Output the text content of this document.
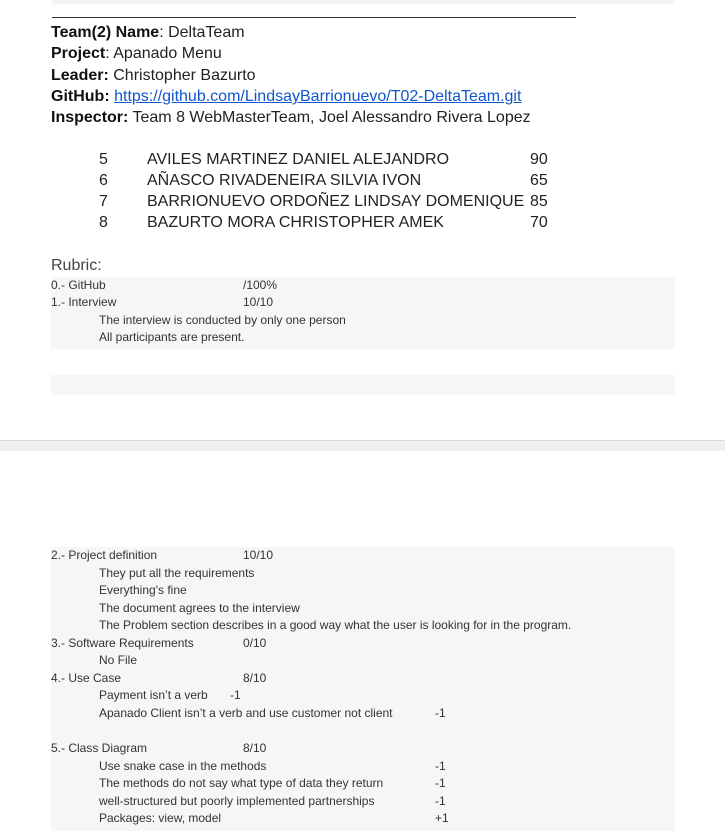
Team(2) Name: DeltaTeam
Project: Apanado Menu
Leader: Christopher Bazurto
GitHub: https://github.com/LindsayBarrionuevo/T02-DeltaTeam.git
Inspector: Team 8 WebMasterTeam, Joel Alessandro Rivera Lopez
5 AVILES MARTINEZ DANIEL ALEJANDRO	90
6 AÑASCO RIVADENEIRA SILVIA IVON	65
7 BARRIONUEVO ORDOÑEZ LINDSAY DOMENIQUE 85
8 BAZURTO MORA CHRISTOPHER AMEK	70
Rubric:
0.- GitHub	/100%
1.- Interview	10/10
The interview is conducted by only one person
All participants are present.
2.- Project definition	10/10
They put all the requirements
Everything's fine
The document agrees to the interview
The Problem section describes in a good way what the user is looking for in the program.
3.- Software Requirements	0/10
No File
4.- Use Case	8/10
Payment isn’t a verb -1
Apanado Client isn’t a verb and use customer not client	-1
5.- Class Diagram	8/10
Use snake case in the methods	-1
The methods do not say what type of data they return	-1
well-structured but poorly implemented partnerships	-1
Packages: view, model	+1
